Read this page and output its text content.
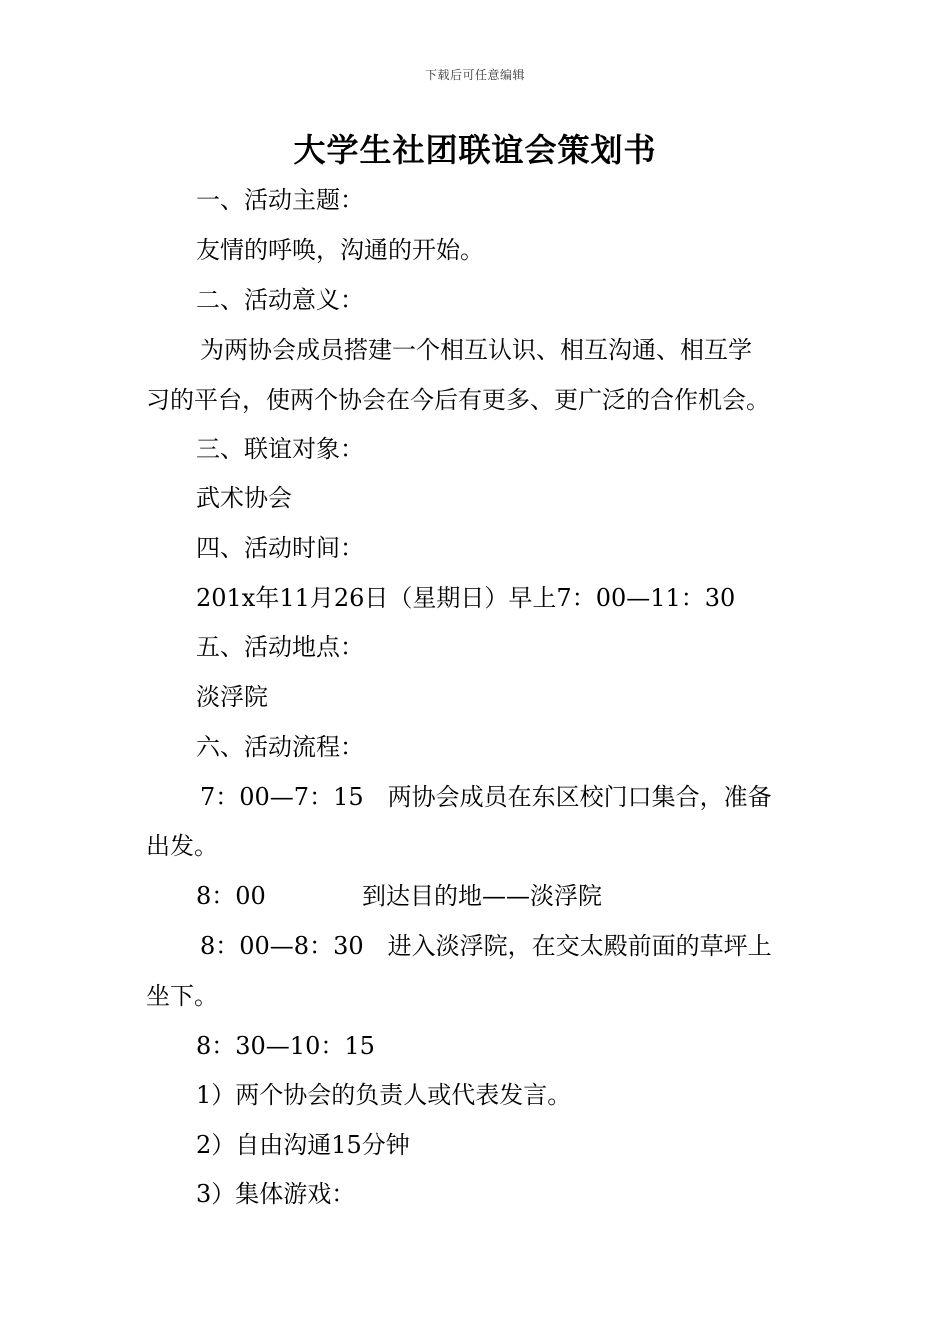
下载后可任意编辑
大学生社团联谊会策划书
一、活动主题：
友情的呼唤，沟通的开始。
二、活动意义：
为两协会成员搭建一个相互认识、相互沟通、相互学
习的平台，使两个协会在今后有更多、更广泛的合作机会。
三、联谊对象：
武术协会
四、活动时间：
201x年11月26日（星期日）早上7：00—11：30
五、活动地点：
淡浮院
六、活动流程：
7：00—7：15　两协会成员在东区校门口集合，准备
出发。
8：00	到达目的地——淡浮院
8：00—8：30　进入淡浮院，在交太殿前面的草坪上
坐下。
8：30—10：15
1）两个协会的负责人或代表发言。
2）自由沟通15分钟
3）集体游戏：
